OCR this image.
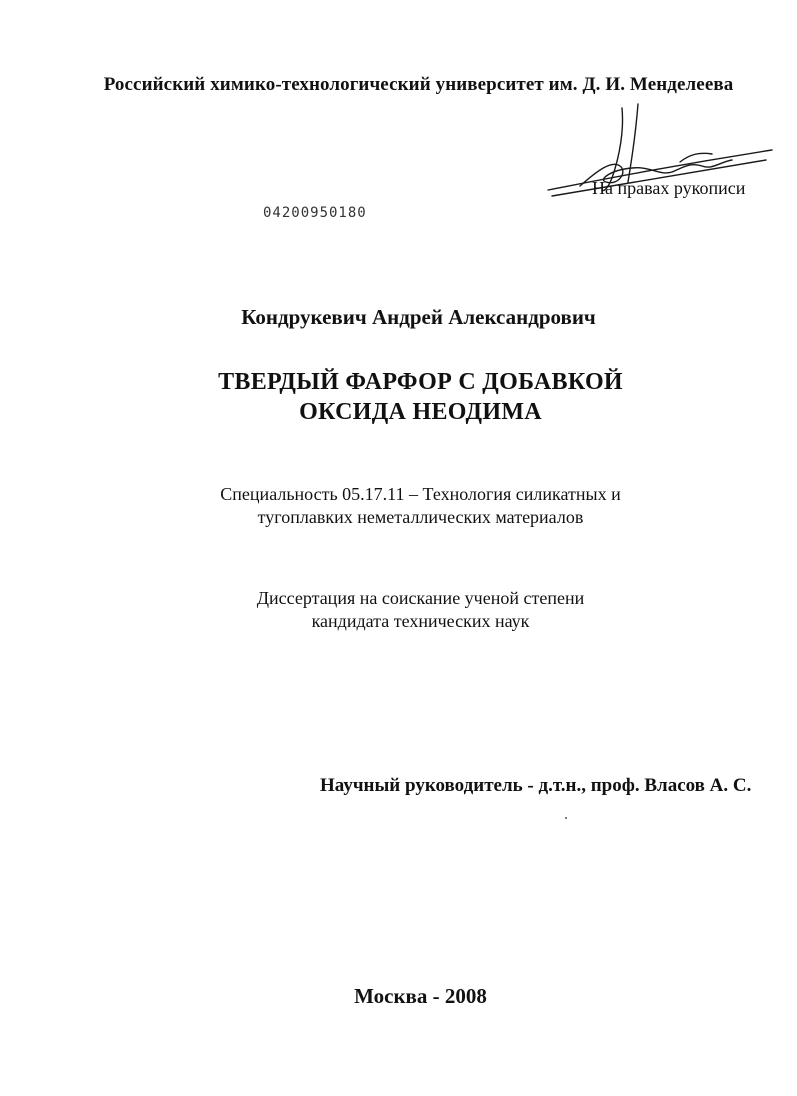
Российский химико-технологический университет им. Д. И. Менделеева
На правах рукописи
04200950180
Кондрукевич Андрей Александрович
ТВЕРДЫЙ ФАРФОР С ДОБАВКОЙ
ОКСИДА НЕОДИМА
Специальность 05.17.11 – Технология силикатных и
тугоплавких неметаллических материалов
Диссертация на соискание ученой степени
кандидата технических наук
Научный руководитель - д.т.н., проф. Власов А. С.
Москва - 2008
